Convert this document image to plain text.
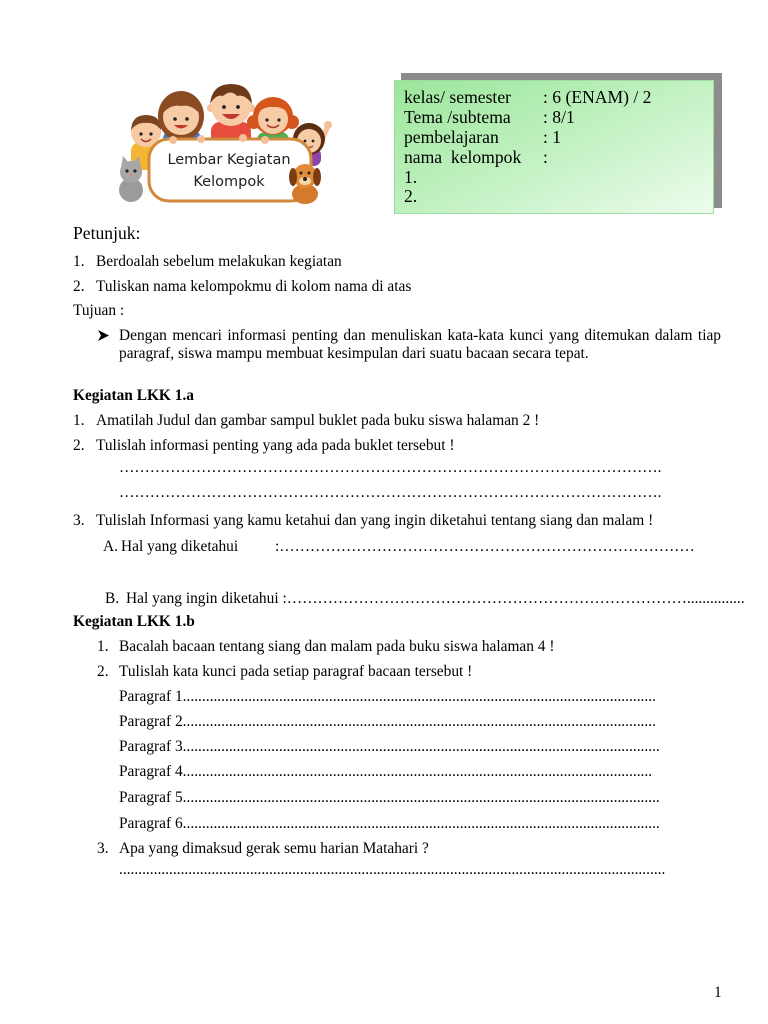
Lembar Kegiatan
Kelompok
kelas/ semester : 6 (ENAM) / 2
Tema /subtema : 8/1
pembelajaran	: 1
nama  kelompok :
1.
2.
Petunjuk:
1. Berdoalah sebelum melakukan kegiatan
2. Tuliskan nama kelompokmu di kolom nama di atas
Tujuan :
Dengan mencari informasi penting dan menuliskan kata-kata kunci yang ditemukan dalam tiap paragraf, siswa mampu membuat kesimpulan dari suatu bacaan secara tepat.
Kegiatan LKK 1.a
1. Amatilah Judul dan gambar sampul buklet pada buku siswa halaman 2 !
2. Tulislah informasi penting yang ada pada buklet tersebut !
…………………………………………………………………………………………….
…………………………………………………………………………………………….
3. Tulislah Informasi yang kamu ketahui dan yang ingin diketahui tentang siang dan malam !
A. Hal yang diketahui :………………………………………………………………………
B. Hal yang ingin diketahui :……………………………………………………………………...............
Kegiatan LKK 1.b
1. Bacalah bacaan tentang siang dan malam pada buku siswa halaman 4 !
2. Tulislah kata kunci pada setiap paragraf bacaan tersebut !
Paragraf 1...........................................................................................................................
Paragraf 2...........................................................................................................................
Paragraf 3............................................................................................................................
Paragraf 4..........................................................................................................................
Paragraf 5............................................................................................................................
Paragraf 6............................................................................................................................
3. Apa yang dimaksud gerak semu harian Matahari ?
..............................................................................................................................................
1
